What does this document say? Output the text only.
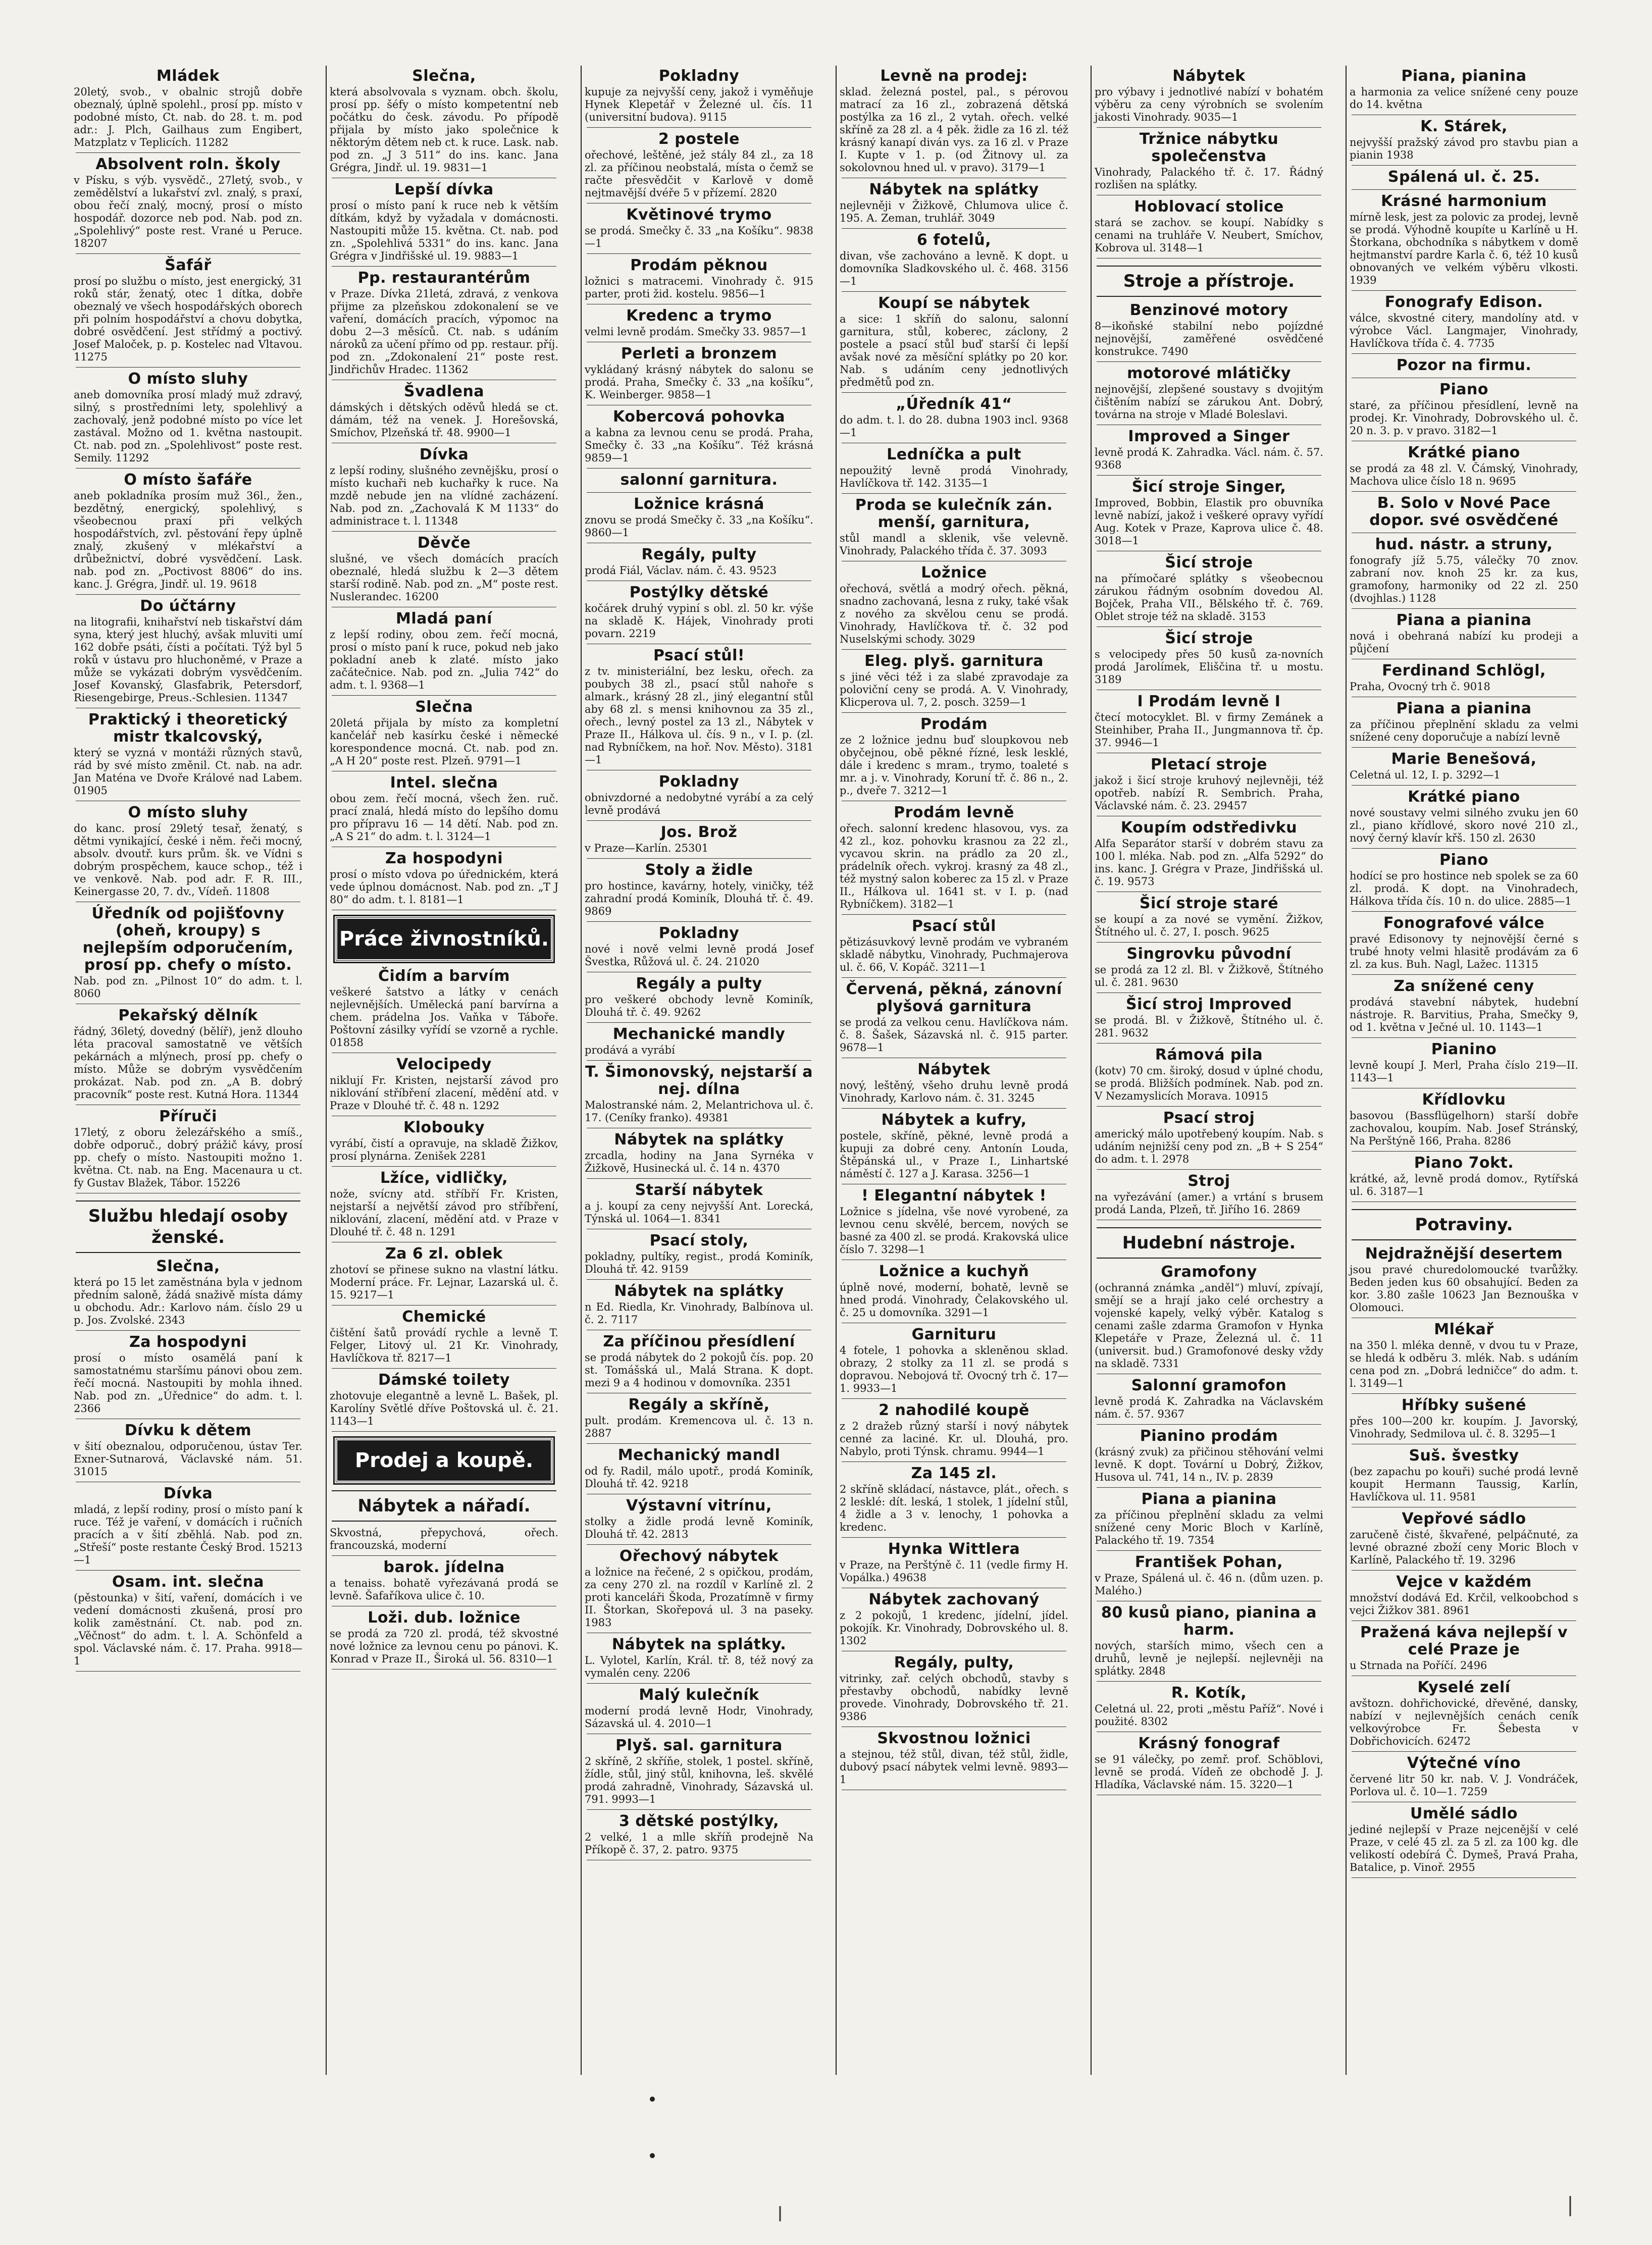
Mládek

20letý, svob., v obalnic strojů dobře obeznalý, úplně spolehl., prosí pp. místo v podobné místo, Ct. nab. do 28. t. m. pod adr.: J. Plch, Gailhaus zum Engibert, Matzplatz v Teplicích. 11282

Absolvent roln. školy

v Písku, s výb. vysvědč., 27letý, svob., v zemědělství a lukařství zvl. znalý, s praxí, obou řečí znalý, mocný, prosí o místo hospodář. dozorce neb pod. Nab. pod zn. „Spolehlivý“ poste rest. Vrané u Peruce. 18207

Šafář

prosí po službu o místo, jest energický, 31 roků stár, ženatý, otec 1 dítka, dobře obeznalý ve všech hospodářských oborech při polním hospodářství a chovu dobytka, dobré osvědčení. Jest střídmý a poctivý. Josef Maloček, p. p. Kostelec nad Vltavou. 11275

O místo sluhy

aneb domovníka prosí mladý muž zdravý, silný, s prostředními lety, spolehlivý a zachovalý, jenž podobné místo po více let zastával. Možno od 1. května nastoupit. Ct. nab. pod zn. „Spolehlivost“ poste rest. Semily. 11292

O místo šafáře

aneb pokladníka prosím muž 36l., žen., bezdětný, energický, spolehlivý, s všeobecnou praxí při velkých hospodářstvích, zvl. pěstování řepy úplně znalý, zkušený v mlékařství a drůbežnictví, dobré vysvědčení. Lask. nab. pod zn. „Poctivost 8806“ do ins. kanc. J. Grégra, Jindř. ul. 19. 9618

Do účtárny

na litografii, knihařství neb tiskařství dám syna, který jest hluchý, avšak mluviti umí 162 dobře psáti, čísti a počítati. Týž byl 5 roků v ústavu pro hluchoněmé, v Praze a může se vykázati dobrým vysvědčením. Josef Kovanský, Glasfabrik, Petersdorf, Riesengebirge, Preus.-Schlesien. 11347

Praktický i theoretický mistr tkalcovský,

který se vyzná v montáži různých stavů, rád by své místo změnil. Ct. nab. na adr. Jan Maténa ve Dvoře Králové nad Labem. 01905

O místo sluhy

do kanc. prosí 29letý tesař, ženatý, s dětmi vynikající, české i něm. řeči mocný, absolv. dvoutř. kurs prům. šk. ve Vídni s dobrým prospěchem, kauce schop., též i ve venkově. Nab. pod adr. F. R. III., Keinergasse 20, 7. dv., Vídeň. 11808

Úředník od pojišťovny (oheň, kroupy) s nejlepším odporučením, prosí pp. chefy o místo.

Nab. pod zn. „Pilnost 10“ do adm. t. l. 8060

Pekařský dělník

řádný, 36letý, dovedný (bělíř), jenž dlouho léta pracoval samostatně ve větších pekárnách a mlýnech, prosí pp. chefy o místo. Může se dobrým vysvědčením prokázat. Nab. pod zn. „A B. dobrý pracovník“ poste rest. Kutná Hora. 11344

Příruči

17letý, z oboru železářského a smíš., dobře odporuč., dobrý prážič kávy, prosí pp. chefy o místo. Nastoupiti možno 1. května. Ct. nab. na Eng. Macenaura u ct. fy Gustav Blažek, Tábor. 15226

Službu hledají osoby ženské.
Slečna,

která po 15 let zaměstnána byla v jednom předním saloně, žádá snaživě místa dámy u obchodu. Adr.: Karlovo nám. číslo 29 u p. Jos. Zvolské. 2343

Za hospodyni

prosí o místo osamělá paní k samostatnému staršímu pánovi obou zem. řečí mocná. Nastoupiti by mohla ihned. Nab. pod zn. „Úřednice“ do adm. t. l. 2366

Dívku k dětem

v šití obeznalou, odporučenou, ústav Ter. Exner-Sutnarová, Václavské nám. 51. 31015

Dívka

mladá, z lepší rodiny, prosí o místo paní k ruce. Též je vaření, v domácích i ručních pracích a v šití zběhlá. Nab. pod zn. „Střeší“ poste restante Český Brod. 15213—1

Osam. int. slečna

(pěstounka) v šití, vaření, domácích i ve vedení domácnosti zkušená, prosí pro kolik zaměstnání. Ct. nab. pod zn. „Věčnost“ do adm. t. l. A. Schönfeld a spol. Václavské nám. č. 17. Praha. 9918—1

Slečna,

která absolvovala s vyznam. obch. školu, prosí pp. šéfy o místo kompetentní neb počátku do česk. závodu. Po přípodě přijala by místo jako společnice k něktorým dětem neb ct. k ruce. Lask. nab. pod zn. „J 3 511“ do ins. kanc. Jana Grégra, Jindř. ul. 19. 9831—1

Lepší dívka

prosí o místo paní k ruce neb k větším dítkám, když by vyžadala v domácnosti. Nastoupiti může 15. května. Ct. nab. pod zn. „Spolehlivá 5331“ do ins. kanc. Jana Grégra v Jindřišské ul. 19. 9883—1

Pp. restaurantérům

v Praze. Dívka 21letá, zdravá, z venkova přijme za plzeňskou zdokonalení se ve vaření, domácích pracích, výpomoc na dobu 2—3 měsíců. Ct. nab. s udáním nároků za učení přímo od pp. restaur. příj. pod zn. „Zdokonalení 21“ poste rest. Jindřichův Hradec. 11362

Švadlena

dámských i dětských oděvů hledá se ct. dámám, též na venek. J. Horešovská, Smíchov, Plzeňská tř. 48. 9900—1

Dívka

z lepší rodiny, slušného zevnějšku, prosí o místo kuchaři neb kuchařky k ruce. Na mzdě nebude jen na vlídné zacházení. Nab. pod zn. „Zachovalá K M 1133“ do administrace t. l. 11348

Děvče

slušné, ve všech domácích pracích obeznalé, hledá službu k 2—3 dětem starší rodině. Nab. pod zn. „M“ poste rest. Nuslerandec. 16200

Mladá paní

z lepší rodiny, obou zem. řečí mocná, prosí o místo paní k ruce, pokud neb jako pokladní aneb k zlaté. místo jako začátečnice. Nab. pod zn. „Julia 742“ do adm. t. l. 9368—1

Slečna

20letá přijala by místo za kompletní kančelář neb kasírku české i německé korespondence mocná. Ct. nab. pod zn. „A H 20“ poste rest. Plzeň. 9791—1

Intel. slečna

obou zem. řečí mocná, všech žen. ruč. prací znalá, hledá místo do lepšího domu pro přípravu 16 — 14 dětí. Nab. pod zn. „A S 21“ do adm. t. l. 3124—1

Za hospodyni

prosí o místo vdova po úřednickém, která vede úplnou domácnost. Nab. pod zn. „T J 80“ do adm. t. l. 8181—1

Práce živnostníků.
Čidím a barvím

veškeré šatstvo a látky v cenách nejlevnějších. Umělecká paní barvírna a chem. prádelna Jos. Vaňka v Táboře. Poštovní zásilky vyřídí se vzorně a rychle. 01858

Velocipedy

niklují Fr. Kristen, nejstarší závod pro niklování stříbření zlacení, mědění atd. v Praze v Dlouhé tř. č. 48 n. 1292

Klobouky

vyrábí, čistí a opravuje, na skladě Žižkov, prosí plynárna. Zenišek 2281

Lžíce, vidličky,

nože, svícny atd. stříbří Fr. Kristen, nejstarší a největší závod pro stříbření, niklování, zlacení, mědění atd. v Praze v Dlouhé tř. č. 48 n. 1291

Za 6 zl. oblek

zhotoví se přinese sukno na vlastní látku. Moderní práce. Fr. Lejnar, Lazarská ul. č. 15. 9217—1

Chemické

čištění šatů provádí rychle a levně T. Felger, Litový ul. 21 Kr. Vinohrady, Havlíčkova tř. 8217—1

Dámské toilety

zhotovuje elegantně a levně L. Bašek, pl. Karolíny Světlé dříve Poštovská ul. č. 21. 1143—1

Prodej a koupě.
Nábytek a nářadí.

Skvostná, přepychová, ořech. francouzská, moderní

barok. jídelna

a tenaiss. bohatě vyřezávaná prodá se levně. Šafaříkova ulice č. 10.

Loži. dub. ložnice

se prodá za 720 zl. prodá, též skvostné nové ložnice za levnou cenu po pánovi. K. Konrad v Praze II., Široká ul. 56. 8310—1

Pokladny

kupuje za nejvyšší ceny, jakož i vyměňuje Hynek Klepetář v Železné ul. čís. 11 (universitní budova). 9115

2 postele

ořechové, leštěné, jež stály 84 zl., za 18 zl. za příčinou neobstalá, místa o čemž se račte přesvědčit v Karlově v domě nejtmavější dvéře 5 v přízemí. 2820

Květinové trymo

se prodá. Smečky č. 33 „na Košíku“. 9838—1

Prodám pěknou

ložnici s matracemi. Vinohrady č. 915 parter, proti žid. kostelu. 9856—1

Kredenc a trymo

velmi levně prodám. Smečky 33. 9857—1

Perleti a bronzem

vykládaný krásný nábytek do salonu se prodá. Praha, Smečky č. 33 „na košíku“, K. Weinberger. 9858—1

Kobercová pohovka

a kabna za levnou cenu se prodá. Praha, Smečky č. 33 „na Košíku“. Též krásná 9859—1

salonní garnitura.
Ložnice krásná

znovu se prodá Smečky č. 33 „na Košíku“. 9860—1

Regály, pulty

prodá Fiál, Václav. nám. č. 43. 9523

Postýlky dětské

kočárek druhý vypiní s obl. zl. 50 kr. výše na skladě K. Hájek, Vinohrady proti povarn. 2219

Psací stůl!

z tv. ministeriální, bez lesku, ořech. za poubych 38 zl., psací stůl nahoře s almark., krásný 28 zl., jiný elegantní stůl aby 68 zl. s mensi knihovnou za 35 zl., ořech., levný postel za 13 zl., Nábytek v Praze II., Hálkova ul. čís. 9 n., v I. p. (zl. nad Rybníčkem, na hoř. Nov. Město). 3181—1

Pokladny

obnivzdorné a nedobytné vyrábí a za celý levně prodává

Jos. Brož

v Praze—Karlín. 25301

Stoly a židle

pro hostince, kavárny, hotely, viničky, též zahradní prodá Kominík, Dlouhá tř. č. 49. 9869

Pokladny

nové i nově velmi levně prodá Josef Švestka, Růžová ul. č. 24. 21020

Regály a pulty

pro veškeré obchody levně Kominík, Dlouhá tř. č. 49. 9262

Mechanické mandly

prodává a vyrábí

T. Šimonovský, nejstarší a nej. dílna

Malostranské nám. 2, Melantrichova ul. č. 17. (Ceníky franko). 49381

Nábytek na splátky

zrcadla, hodiny na Jana Syrnéka v Žižkově, Husinecká ul. č. 14 n. 4370

Starší nábytek

a j. koupí za ceny nejvyšší Ant. Lorecká, Týnská ul. 1064—1. 8341

Psací stoly,

pokladny, pultíky, regist., prodá Kominík, Dlouhá tř. 42. 9159

Nábytek na splátky

n Ed. Riedla, Kr. Vinohrady, Balbínova ul. č. 2. 7117

Za příčinou přesídlení

se prodá nábytek do 2 pokojů čís. pop. 20 st. Tomášská ul., Malá Strana. K dopt. mezi 9 a 4 hodinou v domovníka. 2351

Regály a skříně,

pult. prodám. Kremencova ul. č. 13 n. 2887

Mechanický mandl

od fy. Radil, málo upotř., prodá Kominík, Dlouhá tř. 42. 9218

Výstavní vitrínu,

stolky a židle prodá levně Kominík, Dlouhá tř. 42. 2813

Ořechový nábytek

a ložnice na řečené, 2 s opičkou, prodám, za ceny 270 zl. na rozdíl v Karlíně zl. 2 proti kanceláři Škoda, Prozatímně v firmy II. Štorkan, Skořepová ul. 3 na paseky. 1983

Nábytek na splátky.

L. Vylotel, Karlín, Král. tř. 8, též nový za vymalén ceny. 2206

Malý kulečník

moderní prodá levně Hodr, Vinohrady, Sázavská ul. 4. 2010—1

Plyš. sal. garnitura

2 skříně, 2 skříňe, stolek, 1 postel. skříně, žídle, stůl, jiný stůl, knihovna, leš. skvělé prodá zahradně, Vinohrady, Sázavská ul. 791. 9993—1

3 dětské postýlky,

2 velké, 1 a mlle skříň prodejně Na Příkopě č. 37, 2. patro. 9375

Levně na prodej:

sklad. železná postel, pal., s pérovou matrací za 16 zl., zobrazená dětská postýlka za 16 zl., 2 vytah. ořech. velké skříně za 28 zl. a 4 pěk. židle za 16 zl. též krásný kanapí diván vys. za 16 zl. v Praze I. Kupte v 1. p. (od Žitnovy ul. za sokolovnou hned ul. v pravo). 3179—1

Nábytek na splátky

nejlevněji v Žižkově, Chlumova ulice č. 195. A. Zeman, truhlář. 3049

6 fotelů,

divan, vše zachováno a levně. K dopt. u domovníka Sladkovského ul. č. 468. 3156—1

Koupí se nábytek

a sice: 1 skříň do salonu, salonní garnitura, stůl, koberec, záclony, 2 postele a psací stůl buď starší či lepší avšak nové za měsíční splátky po 20 kor. Nab. s udáním ceny jednotlivých předmětů pod zn.

„Úředník 41“

do adm. t. l. do 28. dubna 1903 incl. 9368—1

Ledníčka a pult

nepoužitý levně prodá Vinohrady, Havlíčkova tř. 142. 3135—1

Proda se kulečník zán. menší, garnitura,

stůl mandl a sklenik, vše velevně. Vinohrady, Palackého třída č. 37. 3093

Ložnice

ořechová, světlá a modrý ořech. pěkná, snadno zachovaná, lesna z ruky, také však z nového za skvělou cenu se prodá. Vinohrady, Havlíčkova tř. č. 32 pod Nuselskými schody. 3029

Eleg. plyš. garnitura

s jiné věci též i za slabé zpravodaje za poloviční ceny se prodá. A. V. Vinohrady, Klicperova ul. 7, 2. posch. 3259—1

Prodám

ze 2 ložnice jednu buď sloupkovou neb obyčejnou, obě pěkné řízné, lesk lesklé, dále i kredenc s mram., trymo, toaleté s mr. a j. v. Vinohrady, Koruní tř. č. 86 n., 2. p., dveře 7. 3212—1

Prodám levně

ořech. salonní kredenc hlasovou, vys. za 42 zl., koz. pohovku krasnou za 22 zl., vycavou skrin. na prádlo za 20 zl., prádelník ořech. vykroj. krasný za 48 zl., též mystný salon koberec za 15 zl. v Praze II., Hálkova ul. 1641 st. v I. p. (nad Rybníčkem). 3182—1

Psací stůl

pětizásuvkový levně prodám ve vybraném skladě nábytku, Vinohrady, Puchmajerova ul. č. 66, V. Kopáč. 3211—1

Červená, pěkná, zánovní plyšová garnitura

se prodá za velkou cenu. Havlíčkova nám. č. 8. Šašek, Sázavská nl. č. 915 parter. 9678—1

Nábytek

nový, leštěný, všeho druhu levně prodá Vinohrady, Karlovo nám. č. 31. 3245

Nábytek a kufry,

postele, skříně, pěkné, levně prodá a kupuji za dobré ceny. Antonín Louda, Štěpánská ul., v Praze I., Linhartské náměstí č. 127 a J. Karasa. 3256—1

! Elegantní nábytek !

Ložnice s jídelna, vše nové vyrobené, za levnou cenu skvělé, bercem, nových se basné za 400 zl. se prodá. Krakovská ulice číslo 7. 3298—1

Ložnice a kuchyň

úplně nové, moderní, bohatě, levně se hned prodá. Vinohrady, Čelakovského ul. č. 25 u domovníka. 3291—1

Garnituru

4 fotele, 1 pohovka a skleněnou sklad. obrazy, 2 stolky za 11 zl. se prodá s dopravou. Nebojová tř. Ovocný trh č. 17—1. 9933—1

2 nahodilé koupě

z 2 dražeb různý starší i nový nábytek cenné za laciné. Kr. ul. Dlouhá, pro. Nabylo, proti Týnsk. chramu. 9944—1

Za 145 zl.

2 skříně skládací, nástavce, plát., ořech. s 2 lesklé: dít. leská, 1 stolek, 1 jídelní stůl, 4 židle a 3 v. lenochy, 1 pohovka a kredenc.

Hynka Wittlera

v Praze, na Perštýně č. 11 (vedle firmy H. Vopálka.) 49638

Nábytek zachovaný

z 2 pokojů, 1 kredenc, jídelní, jídel. pokojík. Kr. Vinohrady, Dobrovského ul. 8. 1302

Regály, pulty,

vitrinky, zař. celých obchodů, stavby s přestavby obchodů, nabídky levně provede. Vinohrady, Dobrovského tř. 21. 9386

Skvostnou ložnici

a stejnou, též stůl, divan, též stůl, židle, dubový psací nábytek velmi levně. 9893—1

Nábytek

pro výbavy i jednotlivé nabízí v bohatém výběru za ceny výrobních se svolením jakosti Vinohrady. 9035—1

Tržnice nábytku společenstva

Vinohrady, Palackého tř. č. 17. Řádný rozlišen na splátky.

Hoblovací stolice

stará se zachov. se koupí. Nabídky s cenami na truhláře V. Neubert, Smíchov, Kobrova ul. 3148—1

Stroje a přístroje.
Benzinové motory

8—ikoňské stabilní nebo pojízdné nejnovější, zaměřené osvědčené konstrukce. 7490

motorové mlátičky

nejnovější, zlepšené soustavy s dvojitým čištěním nabízí se zárukou Ant. Dobrý, továrna na stroje v Mladé Boleslavi.

Improved a Singer

levně prodá K. Zahradka. Václ. nám. č. 57. 9368

Šicí stroje Singer,

Improved, Bobbin, Elastik pro obuvníka levně nabízí, jakož i veškeré opravy vyřídí Aug. Kotek v Praze, Kaprova ulice č. 48. 3018—1

Šicí stroje

na přímočaré splátky s všeobecnou zárukou řádným osobním dovedou Al. Bojček, Praha VII., Bělského tř. č. 769. Oblet stroje též na skladě. 3153

Šicí stroje

s velocipedy přes 50 kusů za-novních prodá Jarolímek, Eliščina tř. u mostu. 3189

I Prodám levně I

čtecí motocyklet. Bl. v firmy Zemánek a Steinhiber, Praha II., Jungmannova tř. čp. 37. 9946—1

Pletací stroje

jakož i šicí stroje kruhový nejlevněji, též opotřeb. nabízí R. Sembrich. Praha, Václavské nám. č. 23. 29457

Koupím odstředivku

Alfa Separátor starší v dobrém stavu za 100 l. mléka. Nab. pod zn. „Alfa 5292“ do ins. kanc. J. Grégra v Praze, Jindřišská ul. č. 19. 9573

Šicí stroje staré

se koupí a za nové se vymění. Žižkov, Štítného ul. č. 27, I. posch. 9625

Singrovku původní

se prodá za 12 zl. Bl. v Žižkově, Štítného ul. č. 281. 9630

Šicí stroj Improved

se prodá. Bl. v Žižkově, Štítného ul. č. 281. 9632

Rámová pila

(kotv) 70 cm. široký, dosud v úplné chodu, se prodá. Bližších podmínek. Nab. pod zn. V Nezamyslicích Morava. 10915

Psací stroj

americký málo upotřebený koupím. Nab. s udáním nejnižší ceny pod zn. „B + S 254“ do adm. t. l. 2978

Stroj

na vyřezávání (amer.) a vrtání s brusem prodá Landa, Plzeň, tř. Jiřího 16. 2869

Hudební nástroje.
Gramofony

(ochranná známka „anděl“) mluví, zpívají, smějí se a hrají jako celé orchestry a vojenské kapely, velký výběr. Katalog s cenami zašle zdarma Gramofon v Hynka Klepetáře v Praze, Železná ul. č. 11 (universit. bud.) Gramofonové desky vždy na skladě. 7331

Salonní gramofon

levně prodá K. Zahradka na Václavském nám. č. 57. 9367

Pianino prodám

(krásný zvuk) za přičinou stěhování velmi levně. K dopt. Tovární u Dobrý, Žižkov, Husova ul. 741, 14 n., IV. p. 2839

Piana a pianina

za příčinou přeplnění skladu za velmi snížené ceny Moric Bloch v Karlíně, Palackého tř. 19. 7354

František Pohan,

v Praze, Spálená ul. č. 46 n. (dům uzen. p. Malého.)

80 kusů piano, pianina a harm.

nových, starších mimo, všech cen a druhů, levně je nejlepší. nejlevněji na splátky. 2848

R. Kotík,

Celetná ul. 22, proti „městu Paříž“. Nové i použité. 8302

Krásný fonograf

se 91 válečky, po zemř. prof. Schöblovi, levně se prodá. Vídeň ze obchodě J. J. Hladíka, Václavské nám. 15. 3220—1

Piana, pianina

a harmonia za velice snížené ceny pouze do 14. května

K. Stárek,

nejvyšší pražský závod pro stavbu pian a pianin 1938

Spálená ul. č. 25.
Krásné harmonium

mírně lesk, jest za polovic za prodej, levně se prodá. Výhodně koupíte u Karlíně u H. Štorkana, obchodníka s nábytkem v domě hejtmanství pardre Karla č. 6, též 10 kusů obnovaných ve velkém výběru vlkosti. 1939

Fonografy Edison.

válce, skvostné citery, mandolíny atd. v výrobce Václ. Langmajer, Vinohrady, Havlíčkova třída č. 4. 7735

Pozor na firmu.
Piano

staré, za příčinou přesídlení, levně na prodej. Kr. Vinohrady, Dobrovského ul. č. 20 n. 3. p. v pravo. 3182—1

Krátké piano

se prodá za 48 zl. V. Čámský, Vinohrady, Machova ulice číslo 18 n. 9695

B. Solo v Nové Pace dopor. své osvědčené
hud. nástr. a struny,

fonografy jíž 5.75, válečky 70 znov. zabraní nov. knoh 25 kr. za kus, gramofony, harmoniky od 22 zl. 250 (dvojhlas.) 1128

Piana a pianina

nová i obehraná nabízí ku prodeji a půjčení

Ferdinand Schlögl,

Praha, Ovocný trh č. 9018

Piana a pianina

za příčinou přeplnění skladu za velmi snížené ceny doporučuje a nabízí levně

Marie Benešová,

Celetná ul. 12, I. p. 3292—1

Krátké piano

nové soustavy velmi silného zvuku jen 60 zl., piano křídlové, skoro nové 210 zl., nový černý klavír křš. 150 zl. 2630

Piano

hodící se pro hostince neb spolek se za 60 zl. prodá. K dopt. na Vinohradech, Hálkova třída čís. 10 n. do ulice. 2885—1

Fonografové válce

pravé Edisonovy ty nejnovější černé s trubé hnoty velmi hlasitě prodávám za 6 zl. za kus. Buh. Nagl, Lažec. 11315

Za snížené ceny

prodává stavební nábytek, hudební nástroje. R. Barvitius, Praha, Smečky 9, od 1. května v Ječné ul. 10. 1143—1

Pianino

levně koupí J. Merl, Praha číslo 219—II. 1143—1

Křídlovku

basovou (Bassflügelhorn) starší dobře zachovalou, koupím. Nab. Josef Stránský, Na Perštýně 166, Praha. 8286

Piano 7okt.

krátké, až, levně prodá domov., Rytířská ul. 6. 3187—1

Potraviny.
Nejdražnější desertem

jsou pravé churedolomoucké tvarůžky. Beden jeden kus 60 obsahující. Beden za kor. 3.80 zašle 10623 Jan Beznouška v Olomouci.

Mlékař

na 350 l. mléka denně, v dvou tu v Praze, se hledá k odběru 3. mlék. Nab. s udáním cena pod zn. „Dobrá ledničce“ do adm. t. l. 3149—1

Hříbky sušené

přes 100—200 kr. koupím. J. Javorský, Vinohrady, Sedmilova ul. č. 8. 3295—1

Suš. švestky

(bez zapachu po kouři) suché prodá levně koupit Hermann Taussig, Karlín, Havlíčkova ul. 11. 9581

Vepřové sádlo

zaručeně čisté, škvařené, pelpáčnuté, za levné obrazné zboží ceny Moric Bloch v Karlíně, Palackého tř. 19. 3296

Vejce v každém

množství dodává Ed. Krčil, velkoobchod s vejci Žižkov 381. 8961

Pražená káva nejlepší v celé Praze je

u Strnada na Poříčí. 2496

Kyselé zelí

avštozn. dohřichovické, dřevěné, dansky, nabízí v nejlevnějších cenách ceník velkovýrobce Fr. Šebesta v Dobřichovicích. 62472

Výtečné víno

červené litr 50 kr. nab. V. J. Vondráček, Porlova ul. č. 10—1. 7259

Umělé sádlo

jediné nejlepší v Praze nejcenější v celé Praze, v celé 45 zl. za 5 zl. za 100 kg. dle velikostí odebírá Č. Dymeš, Pravá Praha, Batalice, p. Vinoř. 2955
